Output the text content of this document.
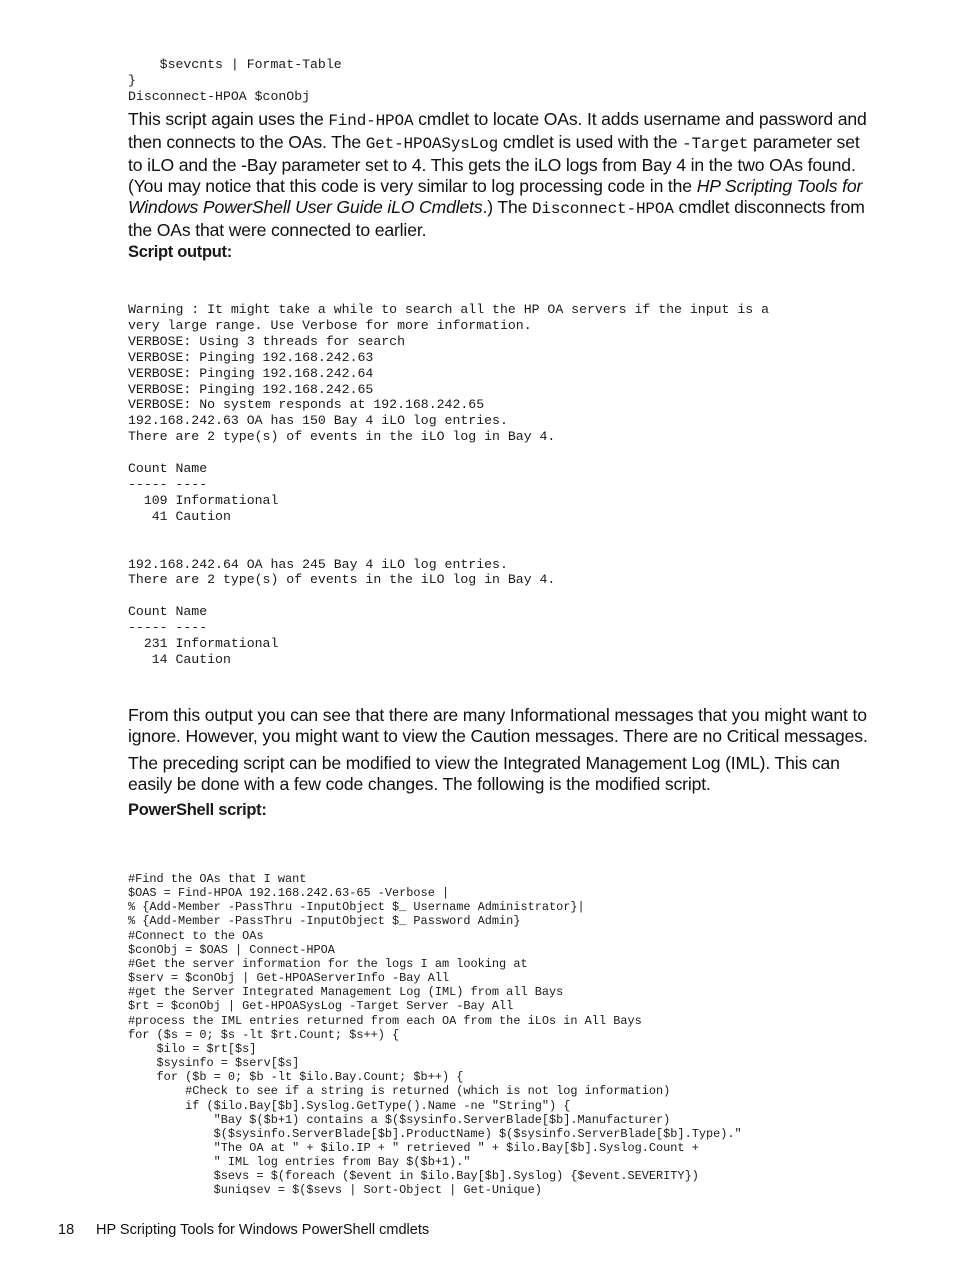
$sevcnts | Format-Table
}
Disconnect-HPOA $conObj

This script again uses the Find-HPOA cmdlet to locate OAs. It adds username and password and then connects to the OAs. The Get-HPOASysLog cmdlet is used with the -Target parameter set to iLO and the -Bay parameter set to 4. This gets the iLO logs from Bay 4 in the two OAs found. (You may notice that this code is very similar to log processing code in the HP Scripting Tools for Windows PowerShell User Guide iLO Cmdlets.) The Disconnect-HPOA cmdlet disconnects from the OAs that were connected to earlier.

Script output:

Warning : It might take a while to search all the HP OA servers if the input is a
very large range. Use Verbose for more information.
VERBOSE: Using 3 threads for search
VERBOSE: Pinging 192.168.242.63
VERBOSE: Pinging 192.168.242.64
VERBOSE: Pinging 192.168.242.65
VERBOSE: No system responds at 192.168.242.65
192.168.242.63 OA has 150 Bay 4 iLO log entries.
There are 2 type(s) of events in the iLO log in Bay 4.

Count Name
----- ----
109 Informational
41 Caution

192.168.242.64 OA has 245 Bay 4 iLO log entries.
There are 2 type(s) of events in the iLO log in Bay 4.

Count Name
----- ----
231 Informational
14 Caution

From this output you can see that there are many Informational messages that you might want to ignore. However, you might want to view the Caution messages. There are no Critical messages.

The preceding script can be modified to view the Integrated Management Log (IML). This can easily be done with a few code changes. The following is the modified script.

PowerShell script:

#Find the OAs that I want
$OAS = Find-HPOA 192.168.242.63-65 -Verbose |
% {Add-Member -PassThru -InputObject $_ Username Administrator}|
% {Add-Member -PassThru -InputObject $_ Password Admin}
#Connect to the OAs
$conObj = $OAS | Connect-HPOA
#Get the server information for the logs I am looking at
$serv = $conObj | Get-HPOAServerInfo -Bay All
#get the Server Integrated Management Log (IML) from all Bays
$rt = $conObj | Get-HPOASysLog -Target Server -Bay All
#process the IML entries returned from each OA from the iLOs in All Bays
for ($s = 0; $s -lt $rt.Count; $s++) {
$ilo = $rt[$s]
$sysinfo = $serv[$s]
for ($b = 0; $b -lt $ilo.Bay.Count; $b++) {
#Check to see if a string is returned (which is not log information)
if ($ilo.Bay[$b].Syslog.GetType().Name -ne "String") {
"Bay $($b+1) contains a $($sysinfo.ServerBlade[$b].Manufacturer)
$($sysinfo.ServerBlade[$b].ProductName) $($sysinfo.ServerBlade[$b].Type)."
"The OA at " + $ilo.IP + " retrieved " + $ilo.Bay[$b].Syslog.Count +
" IML log entries from Bay $($b+1)."
$sevs = $(foreach ($event in $ilo.Bay[$b].Syslog) {$event.SEVERITY})
$uniqsev = $($sevs | Sort-Object | Get-Unique)
18 HP Scripting Tools for Windows PowerShell cmdlets
